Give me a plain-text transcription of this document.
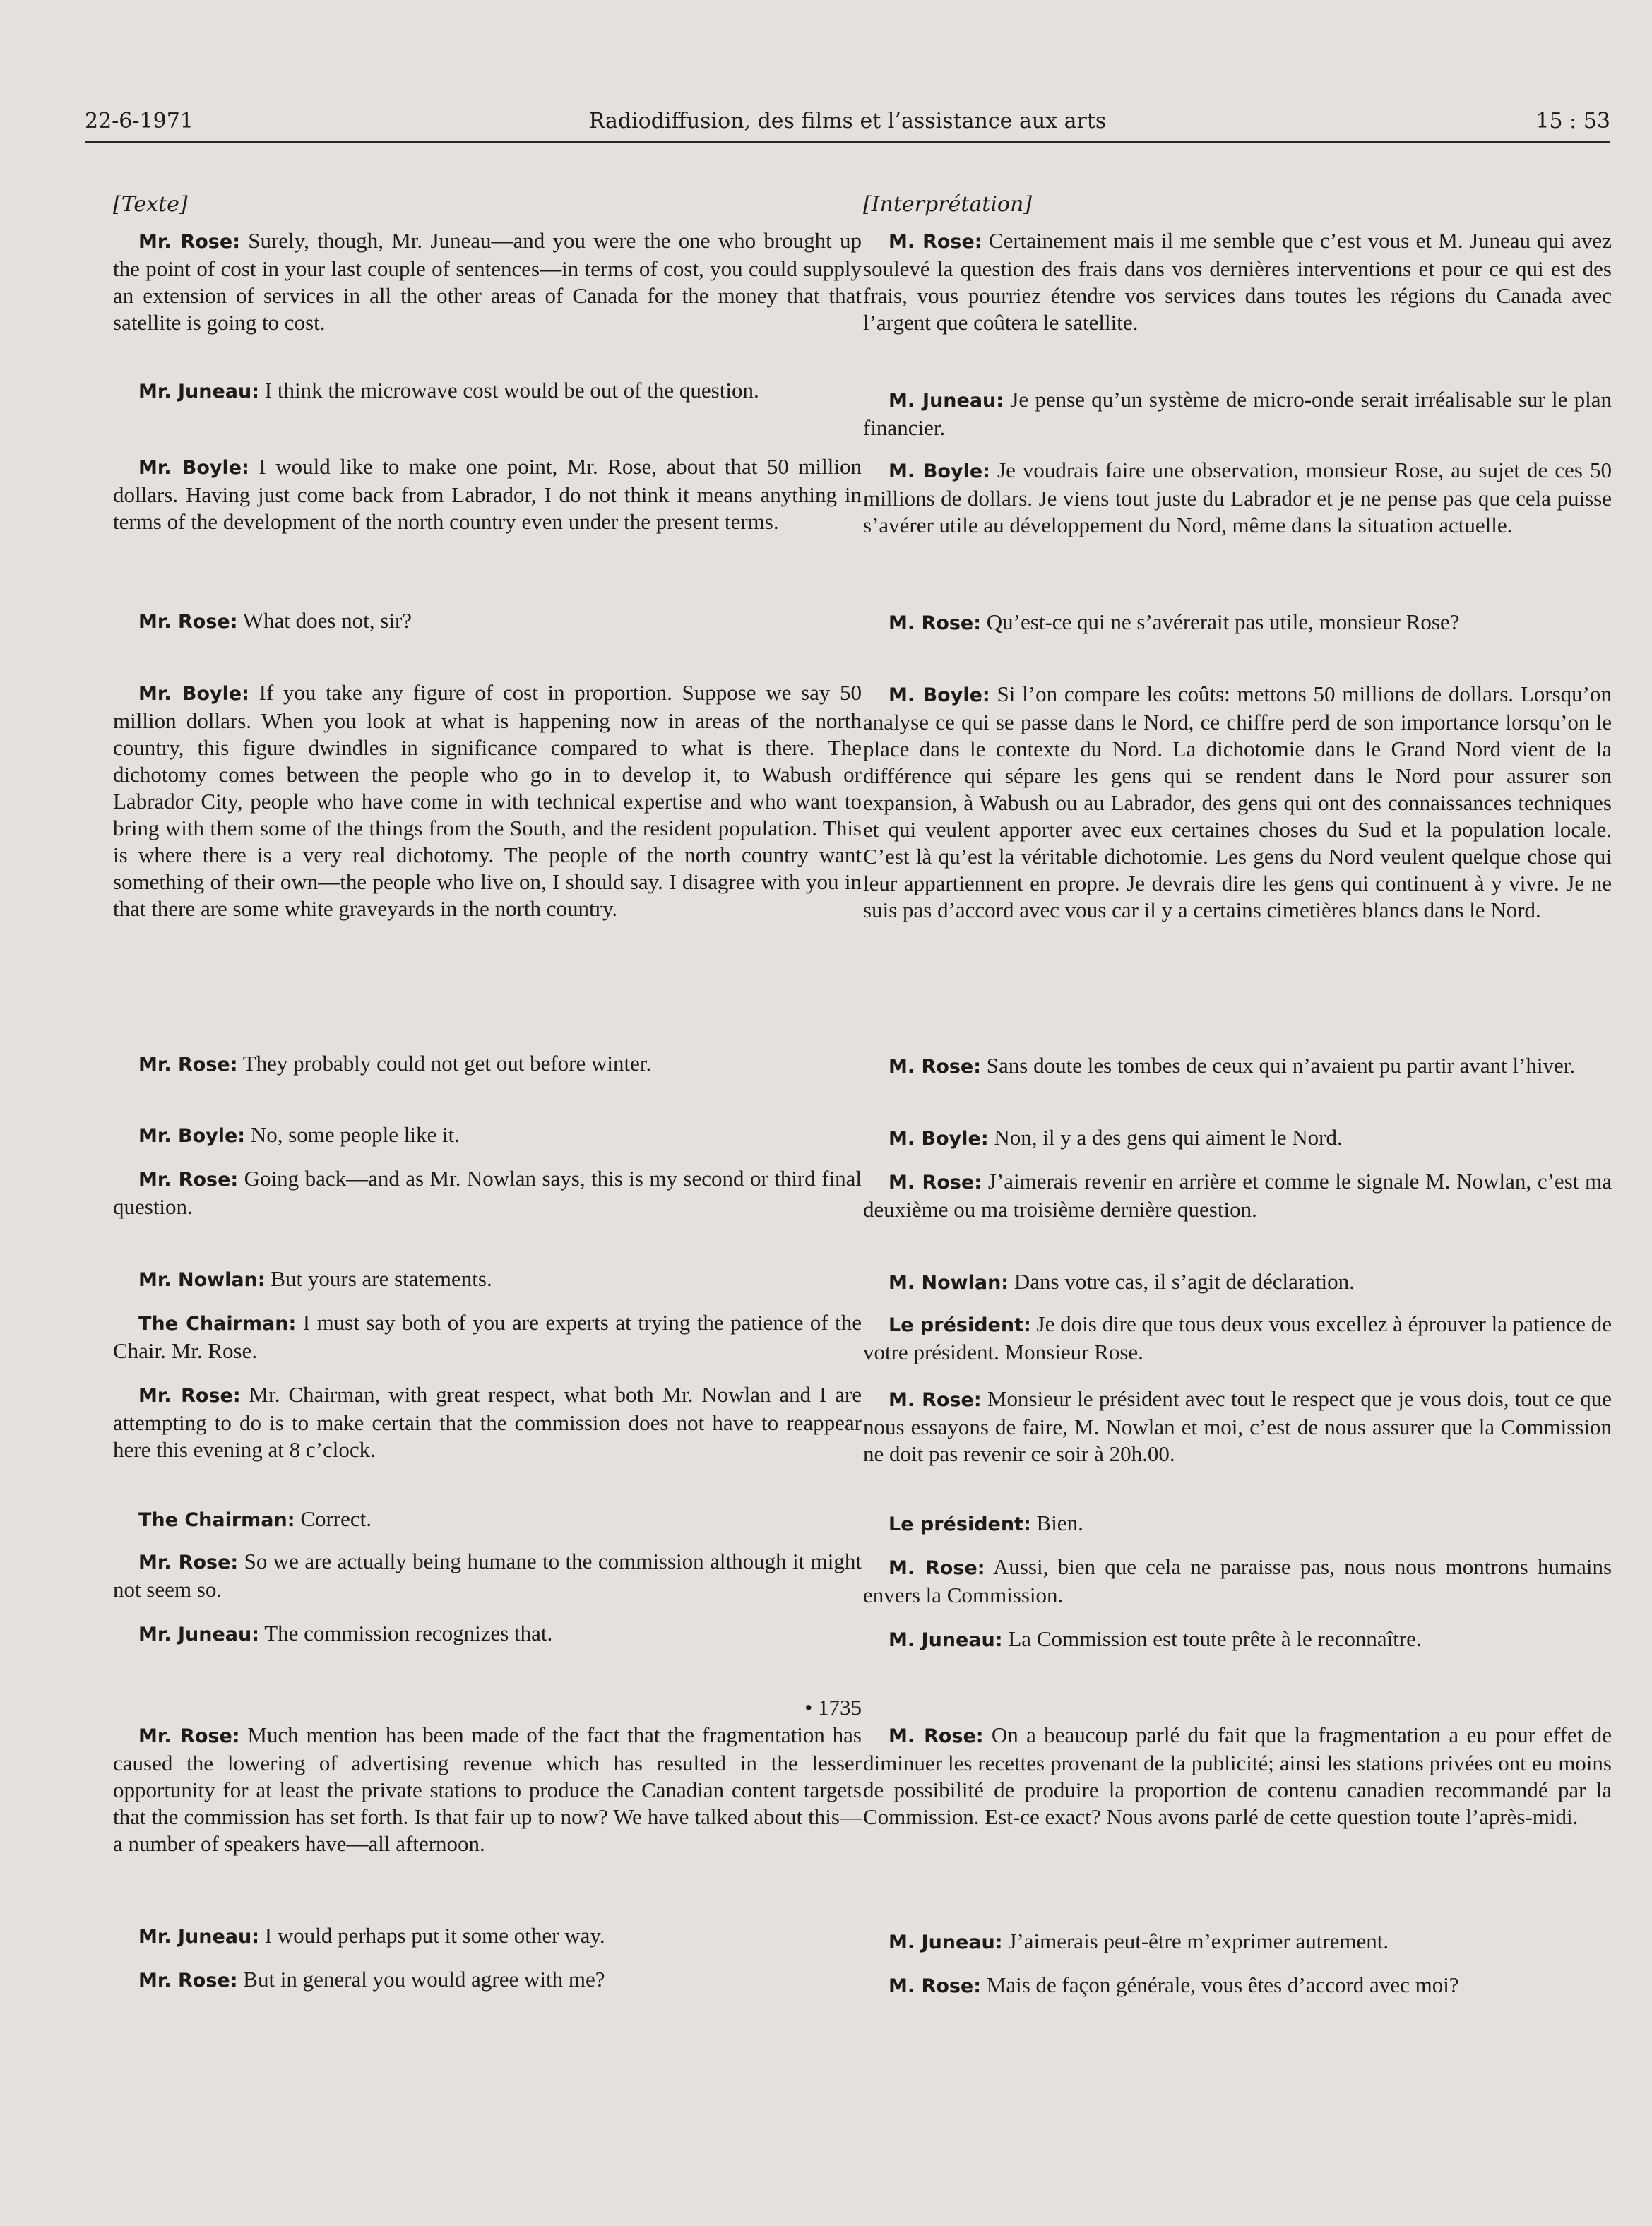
22-6-1971	Radiodiffusion, des films et l’assistance aux arts	15 : 53
[Texte]
Mr. Rose: Surely, though, Mr. Juneau—and you were the one who brought up the point of cost in your last couple of sentences—in terms of cost, you could supply an extension of services in all the other areas of Canada for the money that that satellite is going to cost.
Mr. Juneau: I think the microwave cost would be out of the question.
Mr. Boyle: I would like to make one point, Mr. Rose, about that 50 million dollars. Having just come back from Labrador, I do not think it means anything in terms of the development of the north country even under the present terms.
Mr. Rose: What does not, sir?
Mr. Boyle: If you take any figure of cost in proportion. Suppose we say 50 million dollars. When you look at what is happening now in areas of the north country, this figure dwindles in significance compared to what is there. The dichotomy comes between the people who go in to develop it, to Wabush or Labrador City, people who have come in with technical expertise and who want to bring with them some of the things from the South, and the resident population. This is where there is a very real dichotomy. The people of the north country want something of their own—the people who live on, I should say. I disagree with you in that there are some white graveyards in the north country.
Mr. Rose: They probably could not get out before winter.
Mr. Boyle: No, some people like it.
Mr. Rose: Going back—and as Mr. Nowlan says, this is my second or third final question.
Mr. Nowlan: But yours are statements.
The Chairman: I must say both of you are experts at trying the patience of the Chair. Mr. Rose.
Mr. Rose: Mr. Chairman, with great respect, what both Mr. Nowlan and I are attempting to do is to make certain that the commission does not have to reappear here this evening at 8 c’clock.
The Chairman: Correct.
Mr. Rose: So we are actually being humane to the commission although it might not seem so.
Mr. Juneau: The commission recognizes that.
• 1735
Mr. Rose: Much mention has been made of the fact that the fragmentation has caused the lowering of advertising revenue which has resulted in the lesser opportunity for at least the private stations to produce the Canadian content targets that the commission has set forth. Is that fair up to now? We have talked about this—a number of speakers have—all afternoon.
Mr. Juneau: I would perhaps put it some other way.
Mr. Rose: But in general you would agree with me?
[Interprétation]
M. Rose: Certainement mais il me semble que c’est vous et M. Juneau qui avez soulevé la question des frais dans vos dernières interventions et pour ce qui est des frais, vous pourriez étendre vos services dans toutes les régions du Canada avec l’argent que coûtera le satellite.
M. Juneau: Je pense qu’un système de micro-onde serait irréalisable sur le plan financier.
M. Boyle: Je voudrais faire une observation, monsieur Rose, au sujet de ces 50 millions de dollars. Je viens tout juste du Labrador et je ne pense pas que cela puisse s’avérer utile au développement du Nord, même dans la situation actuelle.
M. Rose: Qu’est-ce qui ne s’avérerait pas utile, monsieur Rose?
M. Boyle: Si l’on compare les coûts: mettons 50 millions de dollars. Lorsqu’on analyse ce qui se passe dans le Nord, ce chiffre perd de son importance lorsqu’on le place dans le contexte du Nord. La dichotomie dans le Grand Nord vient de la différence qui sépare les gens qui se rendent dans le Nord pour assurer son expansion, à Wabush ou au Labrador, des gens qui ont des connaissances techniques et qui veulent apporter avec eux certaines choses du Sud et la population locale. C’est là qu’est la véritable dichotomie. Les gens du Nord veulent quelque chose qui leur appartiennent en propre. Je devrais dire les gens qui continuent à y vivre. Je ne suis pas d’accord avec vous car il y a certains cimetières blancs dans le Nord.
M. Rose: Sans doute les tombes de ceux qui n’avaient pu partir avant l’hiver.
M. Boyle: Non, il y a des gens qui aiment le Nord.
M. Rose: J’aimerais revenir en arrière et comme le signale M. Nowlan, c’est ma deuxième ou ma troisième dernière question.
M. Nowlan: Dans votre cas, il s’agit de déclaration.
Le président: Je dois dire que tous deux vous excellez à éprouver la patience de votre président. Monsieur Rose.
M. Rose: Monsieur le président avec tout le respect que je vous dois, tout ce que nous essayons de faire, M. Nowlan et moi, c’est de nous assurer que la Commission ne doit pas revenir ce soir à 20h.00.
Le président: Bien.
M. Rose: Aussi, bien que cela ne paraisse pas, nous nous montrons humains envers la Commission.
M. Juneau: La Commission est toute prête à le reconnaître.
M. Rose: On a beaucoup parlé du fait que la fragmentation a eu pour effet de diminuer les recettes provenant de la publicité; ainsi les stations privées ont eu moins de possibilité de produire la proportion de contenu canadien recommandé par la Commission. Est-ce exact? Nous avons parlé de cette question toute l’après-midi.
M. Juneau: J’aimerais peut-être m’exprimer autrement.
M. Rose: Mais de façon générale, vous êtes d’accord avec moi?
